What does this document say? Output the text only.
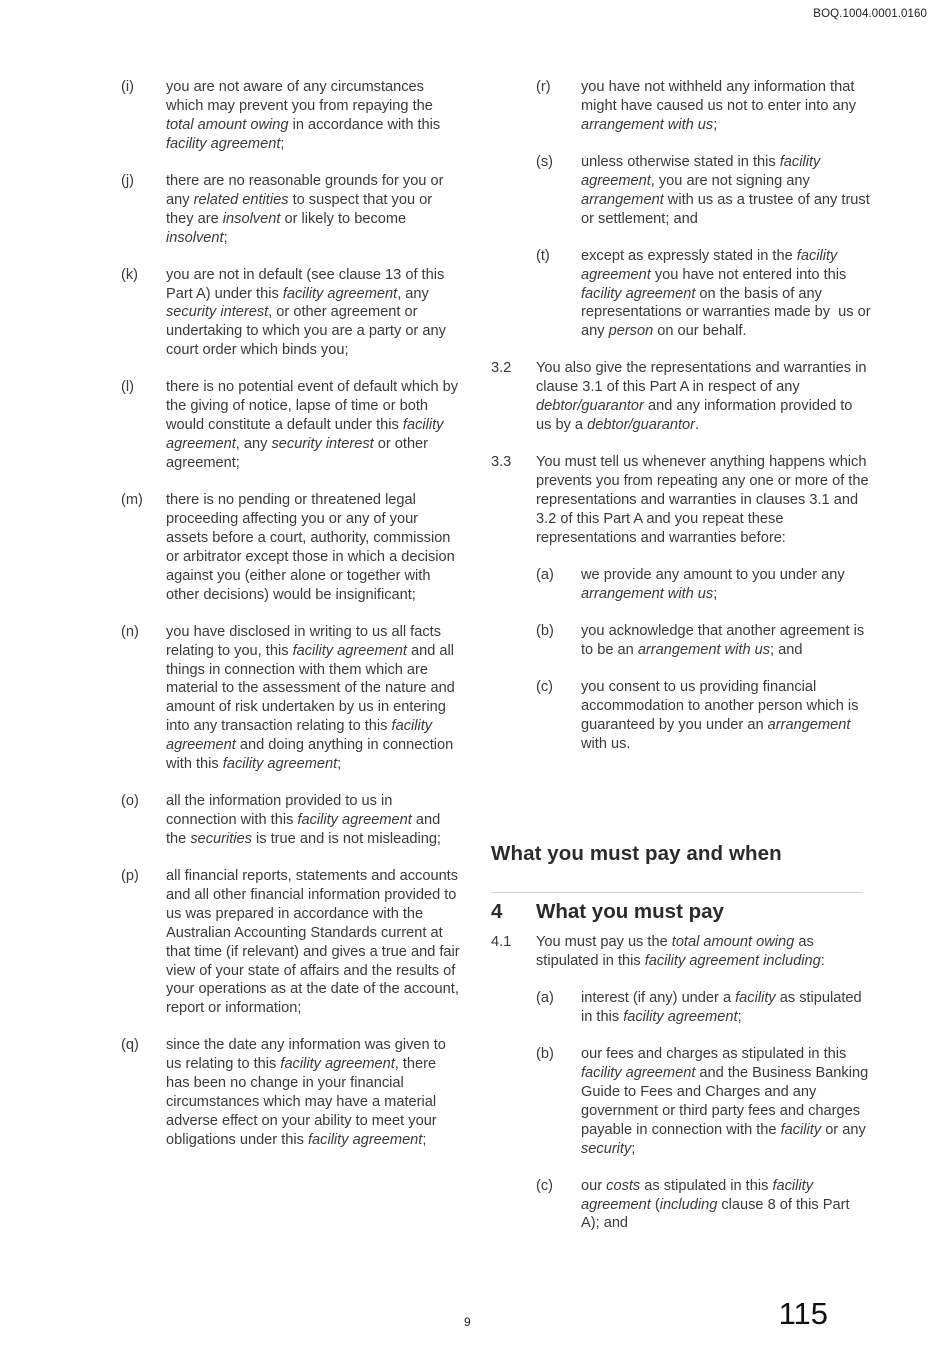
BOQ.1004.0001.0160
(i)	you are not aware of any circumstances which may prevent you from repaying the total amount owing in accordance with this facility agreement;
(j)	there are no reasonable grounds for you or any related entities to suspect that you or they are insolvent or likely to become insolvent;
(k)	you are not in default (see clause 13 of this Part A) under this facility agreement, any security interest, or other agreement or undertaking to which you are a party or any court order which binds you;
(l)	there is no potential event of default which by the giving of notice, lapse of time or both would constitute a default under this facility agreement, any security interest or other agreement;
(m)	there is no pending or threatened legal proceeding affecting you or any of your assets before a court, authority, commission or arbitrator except those in which a decision against you (either alone or together with other decisions) would be insignificant;
(n)	you have disclosed in writing to us all facts relating to you, this facility agreement and all things in connection with them which are material to the assessment of the nature and amount of risk undertaken by us in entering into any transaction relating to this facility agreement and doing anything in connection with this facility agreement;
(o)	all the information provided to us in connection with this facility agreement and the securities is true and is not misleading;
(p)	all financial reports, statements and accounts and all other financial information provided to us was prepared in accordance with the Australian Accounting Standards current at that time (if relevant) and gives a true and fair view of your state of affairs and the results of your operations as at the date of the account, report or information;
(q)	since the date any information was given to us relating to this facility agreement, there has been no change in your financial circumstances which may have a material adverse effect on your ability to meet your obligations under this facility agreement;
(r)	you have not withheld any information that might have caused us not to enter into any arrangement with us;
(s)	unless otherwise stated in this facility agreement, you are not signing any arrangement with us as a trustee of any trust or settlement; and
(t)	except as expressly stated in the facility agreement you have not entered into this facility agreement on the basis of any representations or warranties made by  us or any person on our behalf.
3.2	You also give the representations and warranties in clause 3.1 of this Part A in respect of any debtor/guarantor and any information provided to us by a debtor/guarantor.
3.3	You must tell us whenever anything happens which prevents you from repeating any one or more of the representations and warranties in clauses 3.1 and 3.2 of this Part A and you repeat these representations and warranties before:
(a)	we provide any amount to you under any arrangement with us;
(b)	you acknowledge that another agreement is to be an arrangement with us; and
(c)	you consent to us providing financial accommodation to another person which is guaranteed by you under an arrangement with us.
What you must pay and when
4	What you must pay
4.1	You must pay us the total amount owing as stipulated in this facility agreement including:
(a)	interest (if any) under a facility as stipulated in this facility agreement;
(b)	our fees and charges as stipulated in this facility agreement and the Business Banking Guide to Fees and Charges and any government or third party fees and charges payable in connection with the facility or any security;
(c)	our costs as stipulated in this facility agreement (including clause 8 of this Part A); and
9	115
